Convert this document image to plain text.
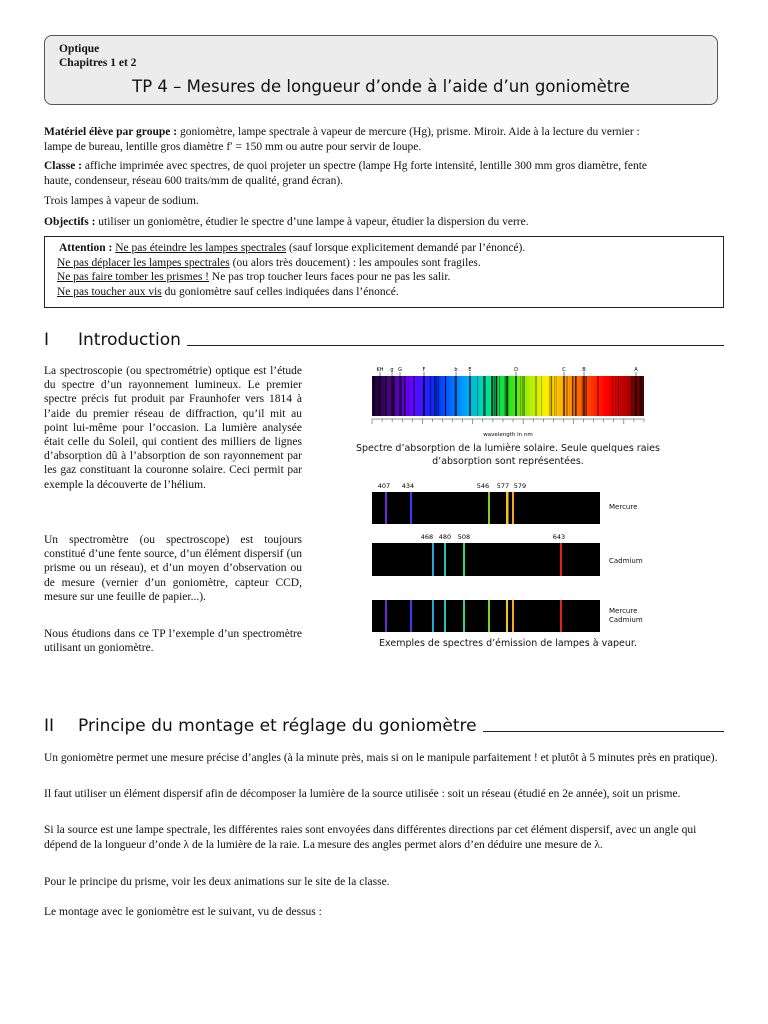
Optique
Chapitres 1 et 2
TP 4 – Mesures de longueur d’onde à l’aide d’un goniomètre
Matériel élève par groupe : goniomètre, lampe spectrale à vapeur de mercure (Hg), prisme. Miroir. Aide à la lecture du vernier :
lampe de bureau, lentille gros diamètre f′ = 150 mm ou autre pour servir de loupe.
Classe : affiche imprimée avec spectres, de quoi projeter un spectre (lampe Hg forte intensité, lentille 300 mm gros diamètre, fente
haute, condenseur, réseau 600 traits/mm de qualité, grand écran).
Trois lampes à vapeur de sodium.
Objectifs : utiliser un goniomètre, étudier le spectre d’une lampe à vapeur, étudier la dispersion du verre.
Attention : Ne pas éteindre les lampes spectrales (sauf lorsque explicitement demandé par l’énoncé).
Ne pas déplacer les lampes spectrales (ou alors très doucement) : les ampoules sont fragiles.
Ne pas faire tomber les prismes ! Ne pas trop toucher leurs faces pour ne pas les salir.
Ne pas toucher aux vis du goniomètre sauf celles indiquées dans l’énoncé.
I	Introduction
La spectroscopie (ou spectrométrie) optique est l’étude du spectre d’un rayonnement lumineux. Le premier spectre précis fut produit par Fraunhofer vers 1814 à l’aide du premier réseau de diffraction, qu’il mit au point lui-même pour l’occasion. La lumière analysée était celle du Soleil, qui contient des milliers de lignes d’absorption dû à l’absorption de son rayonnement par les gaz constituant la couronne solaire. Ceci permit par exemple la découverte de l’hélium.
Un spectromètre (ou spectroscope) est toujours constitué d’une fente source, d’un élément dispersif (un prisme ou un réseau), et d’un moyen d’observation ou de mesure (vernier d’un goniomètre, capteur CCD, mesure sur une feuille de papier...).
Nous étudions dans ce TP l’exemple d’un spectromètre utilisant un goniomètre.
KH g G	F	b E	D	C	B	A
wavelength in nm
Spectre d’absorption de la lumière solaire. Seule quelques raies
d’absorption sont représentées.
407 434	546 577 579
468 480 508	643
Mercure
Cadmium
Mercure
Cadmium
Exemples de spectres d’émission de lampes à vapeur.
II	Principe du montage et réglage du goniomètre
Un goniomètre permet une mesure précise d’angles (à la minute près, mais si on le manipule parfaitement ! et plutôt à 5 minutes près en pratique).
Il faut utiliser un élément dispersif afin de décomposer la lumière de la source utilisée : soit un réseau (étudié en 2e année), soit un prisme.
Si la source est une lampe spectrale, les différentes raies sont envoyées dans différentes directions par cet élément dispersif, avec un angle qui dépend de la longueur d’onde λ de la lumière de la raie. La mesure des angles permet alors d’en déduire une mesure de λ.
Pour le principe du prisme, voir les deux animations sur le site de la classe.
Le montage avec le goniomètre est le suivant, vu de dessus :
